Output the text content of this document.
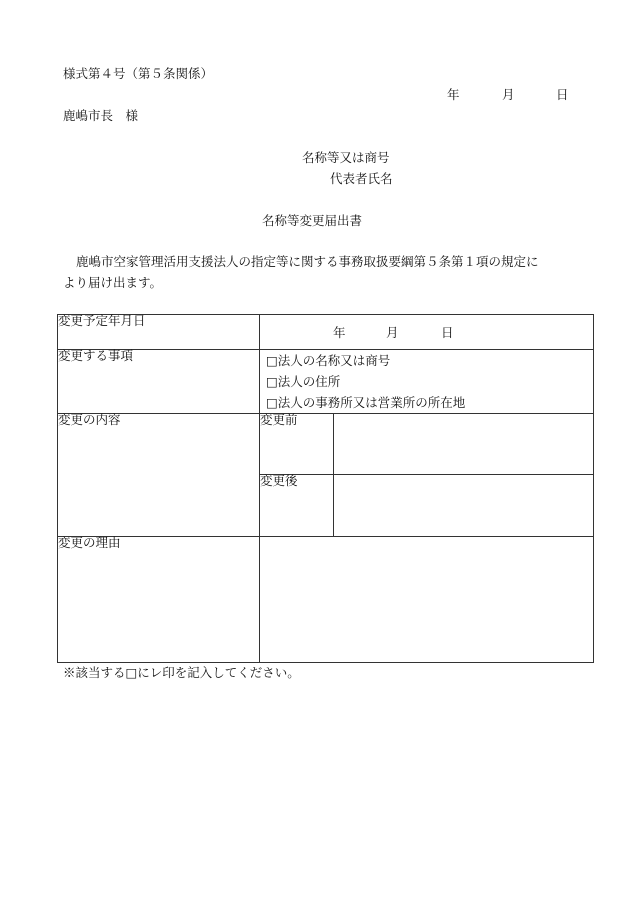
様式第４号（第５条関係）
年	月	日
鹿嶋市長　様
名称等又は商号
代表者氏名
名称等変更届出書
鹿嶋市空家管理活用支援法人の指定等に関する事務取扱要綱第５条第１項の規定に
より届け出ます。
変更予定年月日	年 月 日	

変更する事項	□法人の名称又は商号
□法人の住所
□法人の事務所又は営業所の所在地	

変更の内容	変更前	
	変更後	
変更の理由		
※該当する□にレ印を記入してください。
